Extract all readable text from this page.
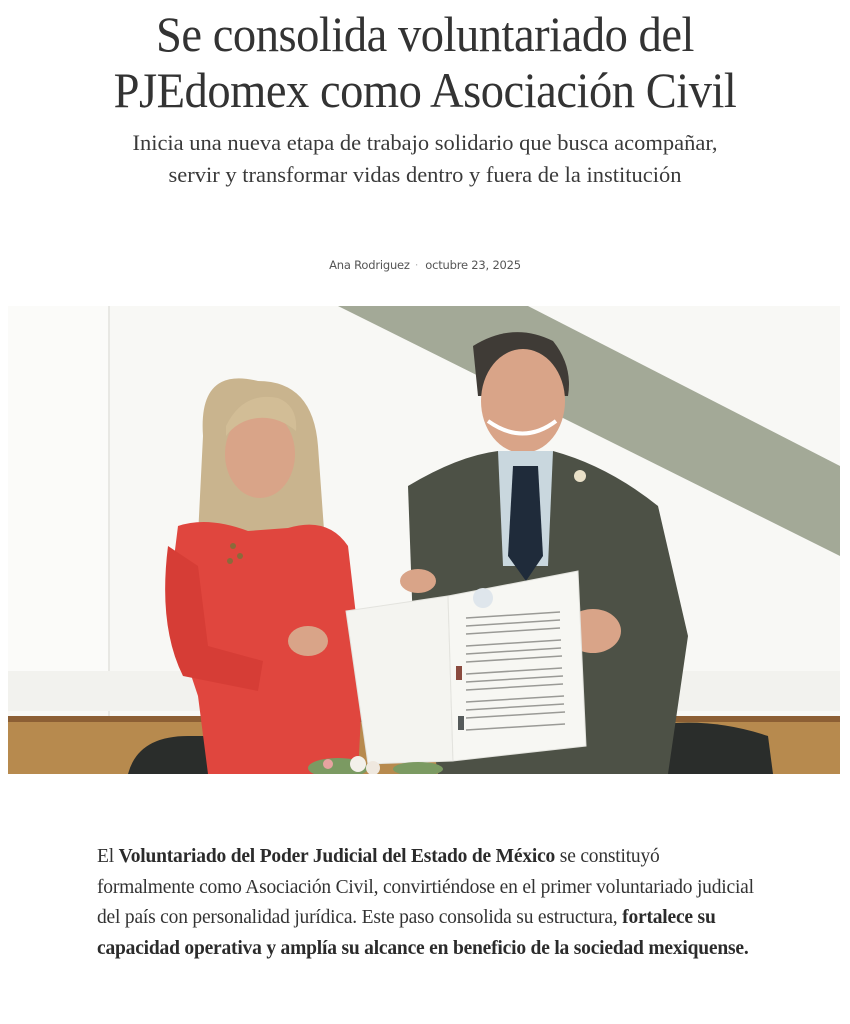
Se consolida voluntariado del
PJEdomex como Asociación Civil
Inicia una nueva etapa de trabajo solidario que busca acompañar, servir y transformar vidas dentro y fuera de la institución
Ana Rodriguez · octubre 23, 2025

El Voluntariado del Poder Judicial del Estado de México se constituyó formalmente como Asociación Civil, convirtiéndose en el primer voluntariado judicial del país con personalidad jurídica. Este paso consolida su estructura, fortalece su capacidad operativa y amplía su alcance en beneficio de la sociedad mexiquense.
